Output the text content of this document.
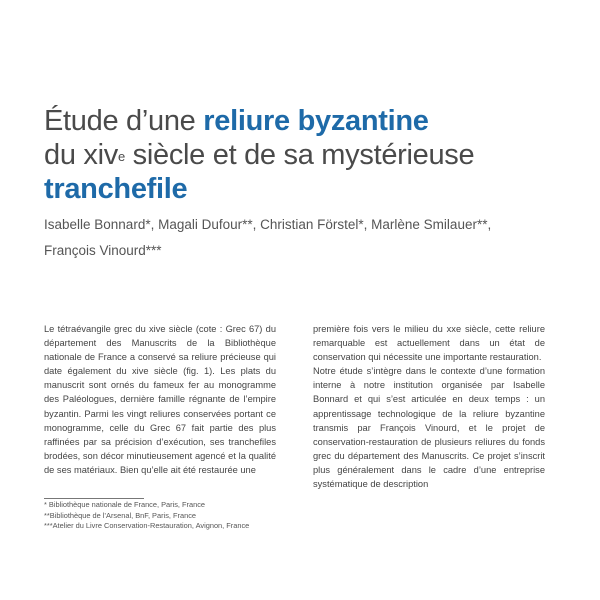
Étude d’une reliure byzantine
du xiv$^e$ siècle et de sa mystérieuse
tranchefile
Isabelle Bonnard*, Magali Dufour**, Christian Förstel*, Marlène Smilauer**,
François Vinourd***

Le tétraévangile grec du xive siècle (cote : Grec 67) du département des Manuscrits de la Bibliothèque nationale de France a conservé sa reliure précieuse qui date également du xive siècle (fig. 1). Les plats du manuscrit sont ornés du fameux fer au monogramme des Paléologues, dernière famille régnante de l’empire byzantin. Parmi les vingt reliures conservées portant ce monogramme, celle du Grec 67 fait partie des plus raffinées par sa précision d’exécution, ses tranchefiles brodées, son décor minutieusement agencé et la qualité de ses matériaux. Bien qu’elle ait été restaurée une

première fois vers le milieu du xxe siècle, cette reliure remarquable est actuellement dans un état de conservation qui nécessite une importante restauration.

Notre étude s’intègre dans le contexte d’une formation interne à notre institution organisée par Isabelle Bonnard et qui s’est articulée en deux temps : un apprentissage technologique de la reliure byzantine transmis par François Vinourd, et le projet de conservation-restauration de plusieurs reliures du fonds grec du département des Manuscrits. Ce projet s’inscrit plus généralement dans le cadre d’une entreprise systématique de description

* Bibliothèque nationale de France, Paris, France
**Bibliothèque de l’Arsenal, BnF, Paris, France
***Atelier du Livre Conservation-Restauration, Avignon, France
